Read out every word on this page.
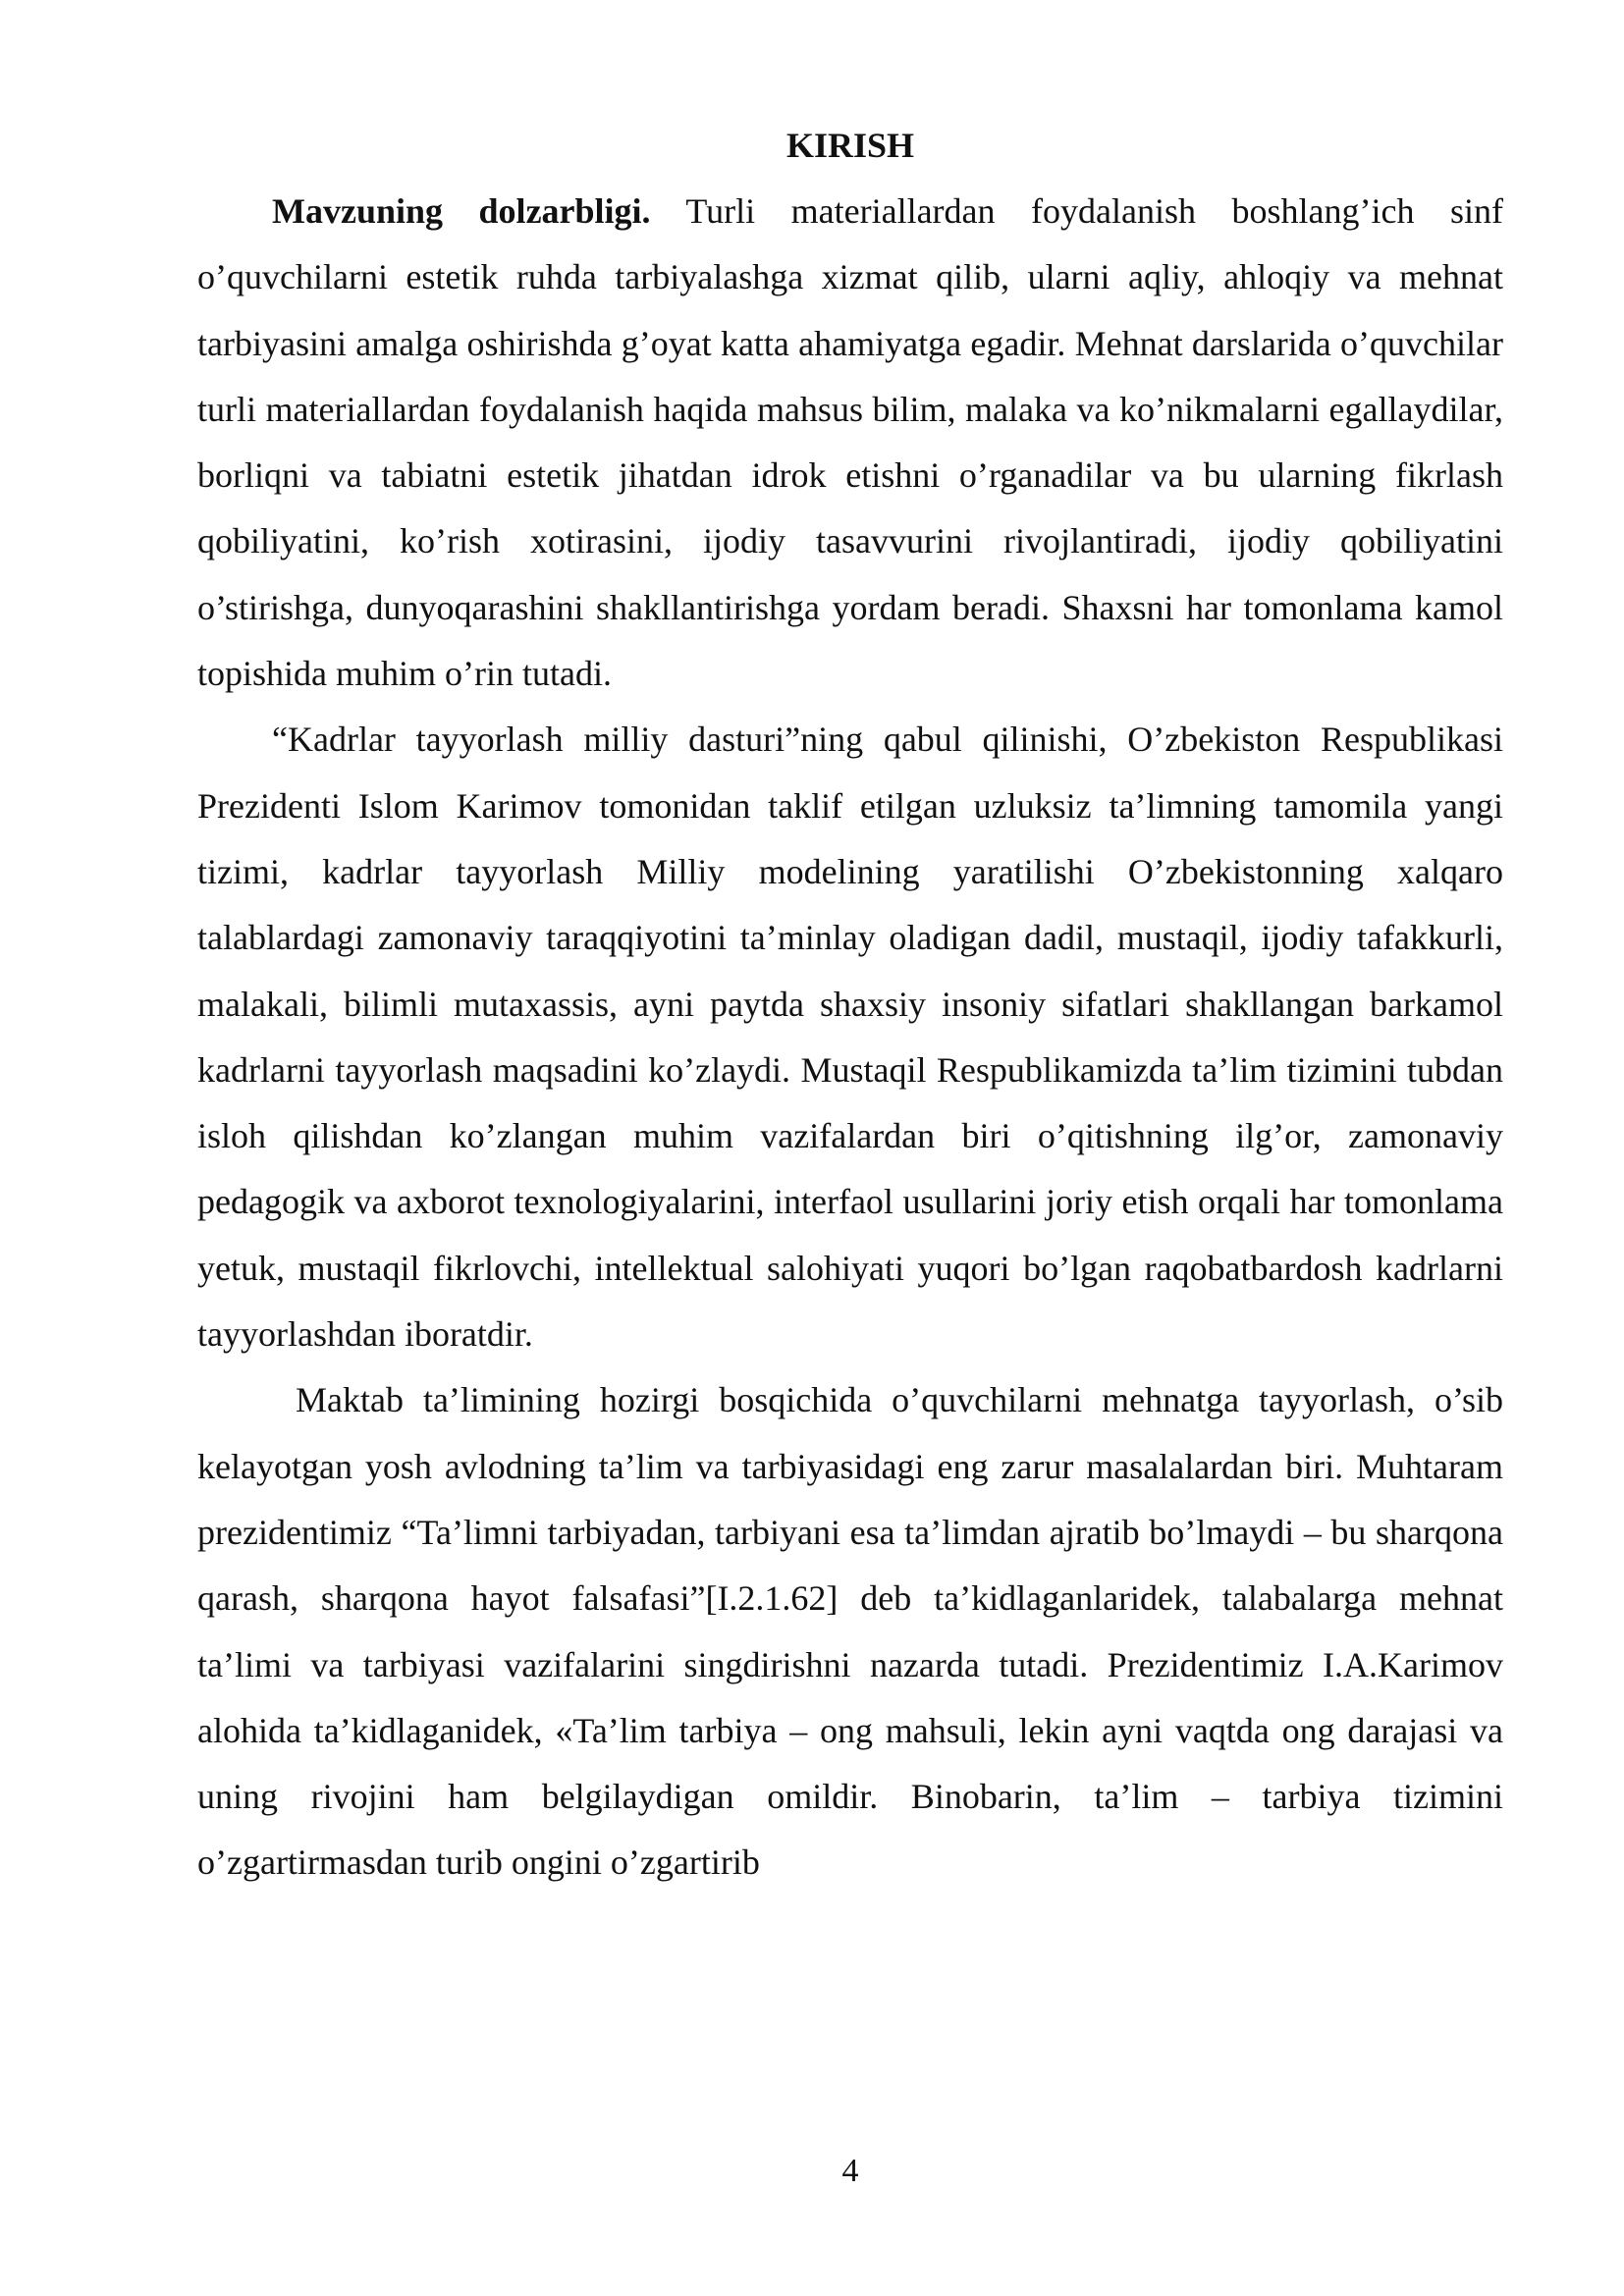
KIRISH

Mavzuning dolzarbligi. Turli materiallardan foydalanish boshlang’ich sinf o’quvchilarni estetik ruhda tarbiyalashga xizmat qilib, ularni aqliy, ahloqiy va mehnat tarbiyasini amalga oshirishda g’oyat katta ahamiyatga egadir. Mehnat darslarida o’quvchilar turli materiallardan foydalanish haqida mahsus bilim, malaka va ko’nikmalarni egallaydilar, borliqni va tabiatni estetik jihatdan idrok etishni o’rganadilar va bu ularning fikrlash qobiliyatini, ko’rish xotirasini, ijodiy tasavvurini rivojlantiradi, ijodiy qobiliyatini o’stirishga, dunyoqarashini shakllantirishga yordam beradi. Shaxsni har tomonlama kamol topishida muhim o’rin tutadi.

“Kadrlar tayyorlash milliy dasturi”ning qabul qilinishi, O’zbekiston Respublikasi Prezidenti Islom Karimov tomonidan taklif etilgan uzluksiz ta’limning tamomila yangi tizimi, kadrlar tayyorlash Milliy modelining yaratilishi O’zbekistonning xalqaro talablardagi zamonaviy taraqqiyotini ta’minlay oladigan dadil, mustaqil, ijodiy tafakkurli, malakali, bilimli mutaxassis, ayni paytda shaxsiy insoniy sifatlari shakllangan barkamol kadrlarni tayyorlash maqsadini ko’zlaydi. Mustaqil Respublikamizda ta’lim tizimini tubdan isloh qilishdan ko’zlangan muhim vazifalardan biri o’qitishning ilg’or, zamonaviy pedagogik va axborot texnologiyalarini, interfaol usullarini joriy etish orqali har tomonlama yetuk, mustaqil fikrlovchi, intellektual salohiyati yuqori bo’lgan raqobatbardosh kadrlarni tayyorlashdan iboratdir.

Maktab ta’limining hozirgi bosqichida o’quvchilarni mehnatga tayyorlash, o’sib kelayotgan yosh avlodning ta’lim va tarbiyasidagi eng zarur masalalardan biri. Muhtaram prezidentimiz “Ta’limni tarbiyadan, tarbiyani esa ta’limdan ajratib bo’lmaydi – bu sharqona qarash, sharqona hayot falsafasi”[I.2.1.62] deb ta’kidlaganlaridek, talabalarga mehnat ta’limi va tarbiyasi vazifalarini singdirishni nazarda tutadi. Prezidentimiz I.A.Karimov alohida ta’kidlaganidek, «Ta’lim tarbiya – ong mahsuli, lekin ayni vaqtda ong darajasi va uning rivojini ham belgilaydigan omildir. Binobarin, ta’lim – tarbiya tizimini o’zgartirmasdan turib ongini o’zgartirib

4
